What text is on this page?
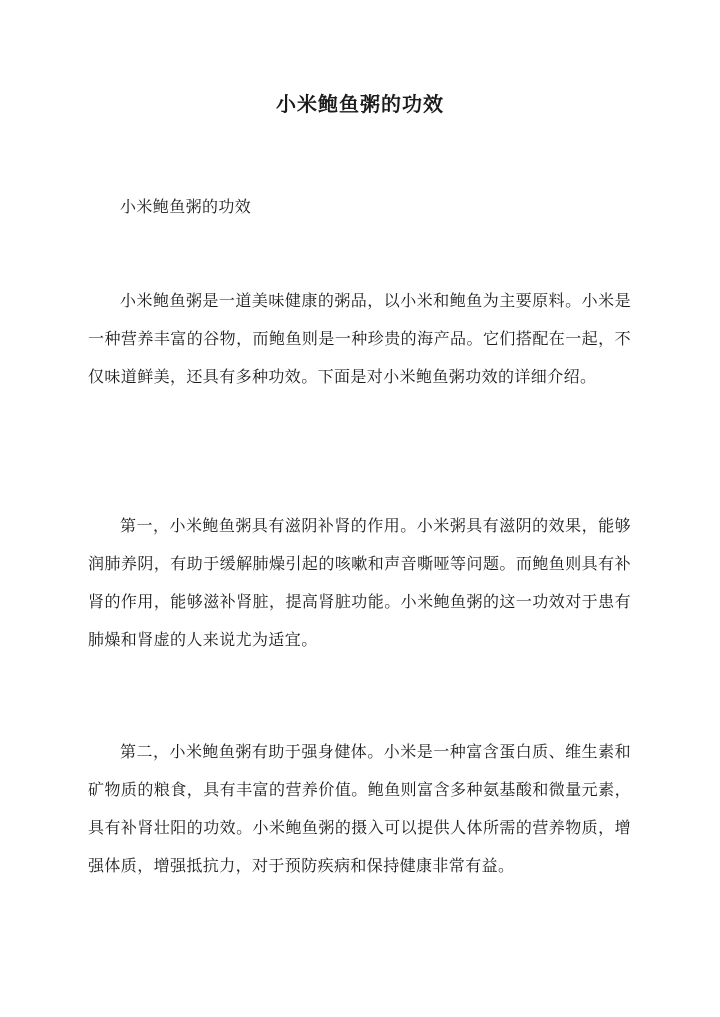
小米鲍鱼粥的功效

小米鲍鱼粥的功效

小米鲍鱼粥是一道美味健康的粥品，以小米和鲍鱼为主要原料。小米是一种营养丰富的谷物，而鲍鱼则是一种珍贵的海产品。它们搭配在一起，不仅味道鲜美，还具有多种功效。下面是对小米鲍鱼粥功效的详细介绍。

第一，小米鲍鱼粥具有滋阴补肾的作用。小米粥具有滋阴的效果，能够润肺养阴，有助于缓解肺燥引起的咳嗽和声音嘶哑等问题。而鲍鱼则具有补肾的作用，能够滋补肾脏，提高肾脏功能。小米鲍鱼粥的这一功效对于患有肺燥和肾虚的人来说尤为适宜。

第二，小米鲍鱼粥有助于强身健体。小米是一种富含蛋白质、维生素和矿物质的粮食，具有丰富的营养价值。鲍鱼则富含多种氨基酸和微量元素，具有补肾壮阳的功效。小米鲍鱼粥的摄入可以提供人体所需的营养物质，增强体质，增强抵抗力，对于预防疾病和保持健康非常有益。
